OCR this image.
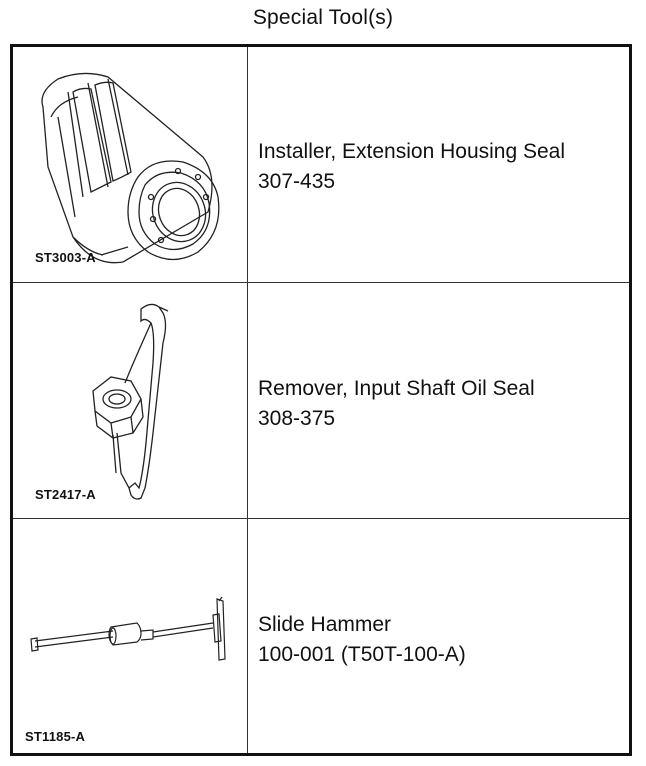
Special Tool(s)
ST3003-A
Installer, Extension Housing Seal
307-435
ST2417-A
Remover, Input Shaft Oil Seal
308-375
ST1185-A
Slide Hammer
100-001 (T50T-100-A)
